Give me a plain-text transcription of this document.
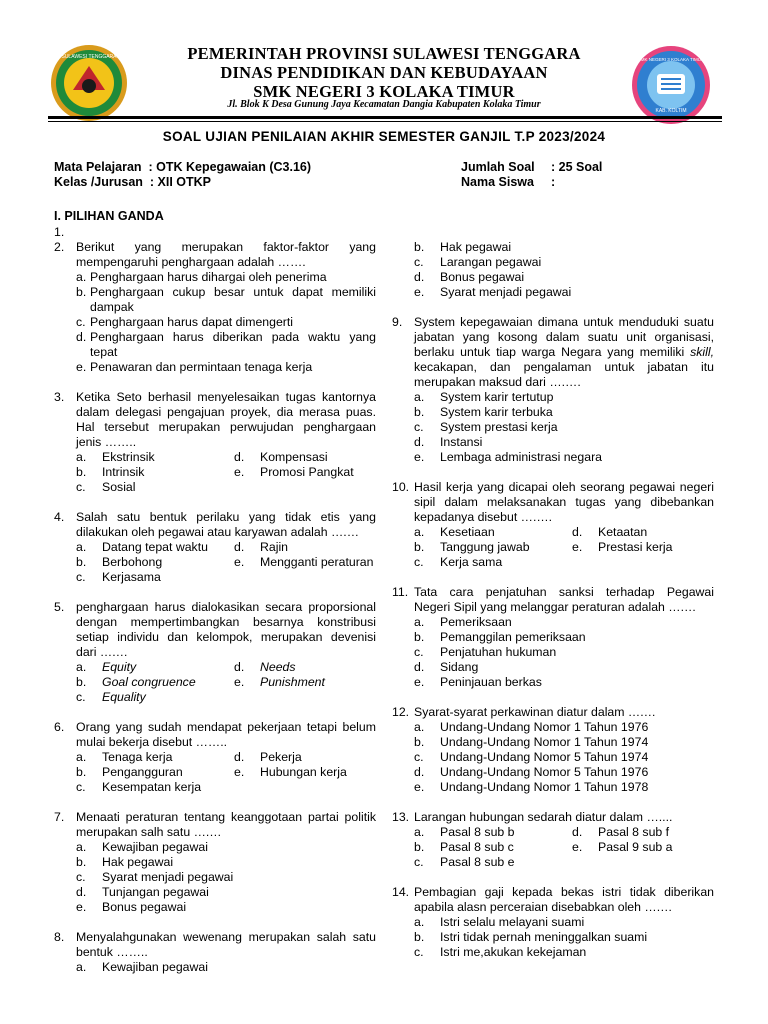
SULAWESI TENGGARA	SMK NEGERI 3 KOLAKA TIMUR
KAB. KOLTIM
PEMERINTAH PROVINSI SULAWESI TENGGARA
DINAS PENDIDIKAN DAN KEBUDAYAAN
SMK NEGERI 3 KOLAKA TIMUR
Jl. Blok K Desa Gunung Jaya Kecamatan Dangia Kabupaten Kolaka Timur
SOAL UJIAN PENILAIAN AKHIR SEMESTER GANJIL T.P 2023/2024
Mata Pelajaran : OTK Kepegawaian (C3.16)
Kelas /Jurusan : XII OTKP
Jumlah Soal : 25 Soal
Nama Siswa :
I. PILIHAN GANDA
1.
2. Berikut yang merupakan faktor-faktor yang
mempengaruhi penghargaan adalah …….
a. Penghargaan harus dihargai oleh penerima
b. Penghargaan cukup besar untuk dapat memiliki
dampak
c. Penghargaan harus dapat dimengerti
d. Penghargaan harus diberikan pada waktu yang
tepat
e. Penawaran dan permintaan tenaga kerja
3. Ketika Seto berhasil menyelesaikan tugas kantornya
dalam delegasi pengajuan proyek, dia merasa puas.
Hal tersebut merupakan perwujudan penghargaan
jenis ……..
a.	Ekstrinsik	d.	Kompensasi
b.	Intrinsik	e.	Promosi Pangkat
c.	Sosial
4. Salah satu bentuk perilaku yang tidak etis yang
dilakukan oleh pegawai atau karyawan adalah ….…
a.	Datang tepat waktu	d.	Rajin
b.	Berbohong	e.	Mengganti peraturan
c.	Kerjasama
5. penghargaan harus dialokasikan secara proporsional
dengan mempertimbangkan besarnya konstribusi
setiap individu dan kelompok, merupakan devenisi
dari ….…
a.	Equity	d.	Needs
b.	Goal congruence	e.	Punishment
c.	Equality
6. Orang yang sudah mendapat pekerjaan tetapi belum
mulai bekerja disebut ……..
a.	Tenaga kerja	d.	Pekerja
b.	Pengangguran	e.	Hubungan kerja
c.	Kesempatan kerja
7. Menaati peraturan tentang keanggotaan partai politik
merupakan salh satu ….…
a.	Kewajiban pegawai
b.	Hak pegawai
c.	Syarat menjadi pegawai
d.	Tunjangan pegawai
e.	Bonus pegawai
8. Menyalahgunakan wewenang merupakan salah satu
bentuk ……..
a.	Kewajiban pegawai
b.	Hak pegawai
c.	Larangan pegawai
d.	Bonus pegawai
e.	Syarat menjadi pegawai
9. System kepegawaian dimana untuk menduduki suatu
jabatan yang kosong dalam suatu unit organisasi,
berlaku untuk tiap warga Negara yang memiliki skill,
kecakapan, dan pengalaman untuk jabatan itu
merupakan maksud dari ….….
a.	System karir tertutup
b.	System karir terbuka
c.	System prestasi kerja
d.	Instansi
e.	Lembaga administrasi negara
10. Hasil kerja yang dicapai oleh seorang pegawai negeri
sipil dalam melaksanakan tugas yang dibebankan
kepadanya disebut ….….
a.	Kesetiaan	d.	Ketaatan
b.	Tanggung jawab	e.	Prestasi kerja
c.	Kerja sama
11. Tata cara penjatuhan sanksi terhadap Pegawai
Negeri Sipil yang melanggar peraturan adalah ….…
a.	Pemeriksaan
b.	Pemanggilan pemeriksaan
c.	Penjatuhan hukuman
d.	Sidang
e.	Peninjauan berkas
12. Syarat-syarat perkawinan diatur dalam ….…
a.	Undang-Undang Nomor 1 Tahun 1976
b.	Undang-Undang Nomor 1 Tahun 1974
c.	Undang-Undang Nomor 5 Tahun 1974
d.	Undang-Undang Nomor 5 Tahun 1976
e.	Undang-Undang Nomor 1 Tahun 1978
13. Larangan hubungan sedarah diatur dalam …....
a.	Pasal 8 sub b	d.	Pasal 8 sub f
b.	Pasal 8 sub c	e.	Pasal 9 sub a
c.	Pasal 8 sub e
14. Pembagian gaji kepada bekas istri tidak diberikan
apabila alasn perceraian disebabkan oleh ….…
a.	Istri selalu melayani suami
b.	Istri tidak pernah meninggalkan suami
c.	Istri me,akukan kekejaman
